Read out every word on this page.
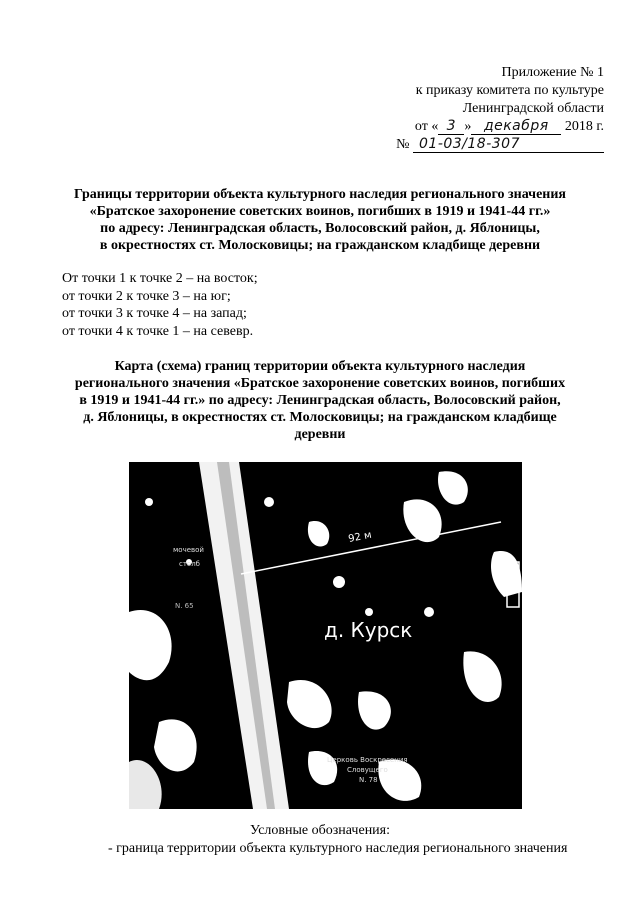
Приложение № 1
к приказу комитета по культуре
Ленинградской области
от « 3 » декабря 2018 г.
№ 01-03/18-307
Границы территории объекта культурного наследия регионального значения
«Братское захоронение советских воинов, погибших в 1919 и 1941-44 гг.»
по адресу: Ленинградская область, Волосовский район, д. Яблоницы,
в окрестностях ст. Молосковицы; на гражданском кладбище деревни
От точки 1 к точке 2 – на восток;
от точки 2 к точке 3 – на юг;
от точки 3 к точке 4 – на запад;
от точки 4 к точке 1 – на севевр.
Карта (схема) границ территории объекта культурного наследия
регионального значения «Братское захоронение советских воинов, погибших
в 1919 и 1941-44 гг.» по адресу: Ленинградская область, Волосовский район,
д. Яблоницы, в окрестностях ст. Молосковицы; на гражданском кладбище
деревни
92 м
д. Курск
мочевой
столб
N. 65
Церковь Воскресения
Словущего
N. 78
Условные обозначения:
- граница территории объекта культурного наследия регионального значения
